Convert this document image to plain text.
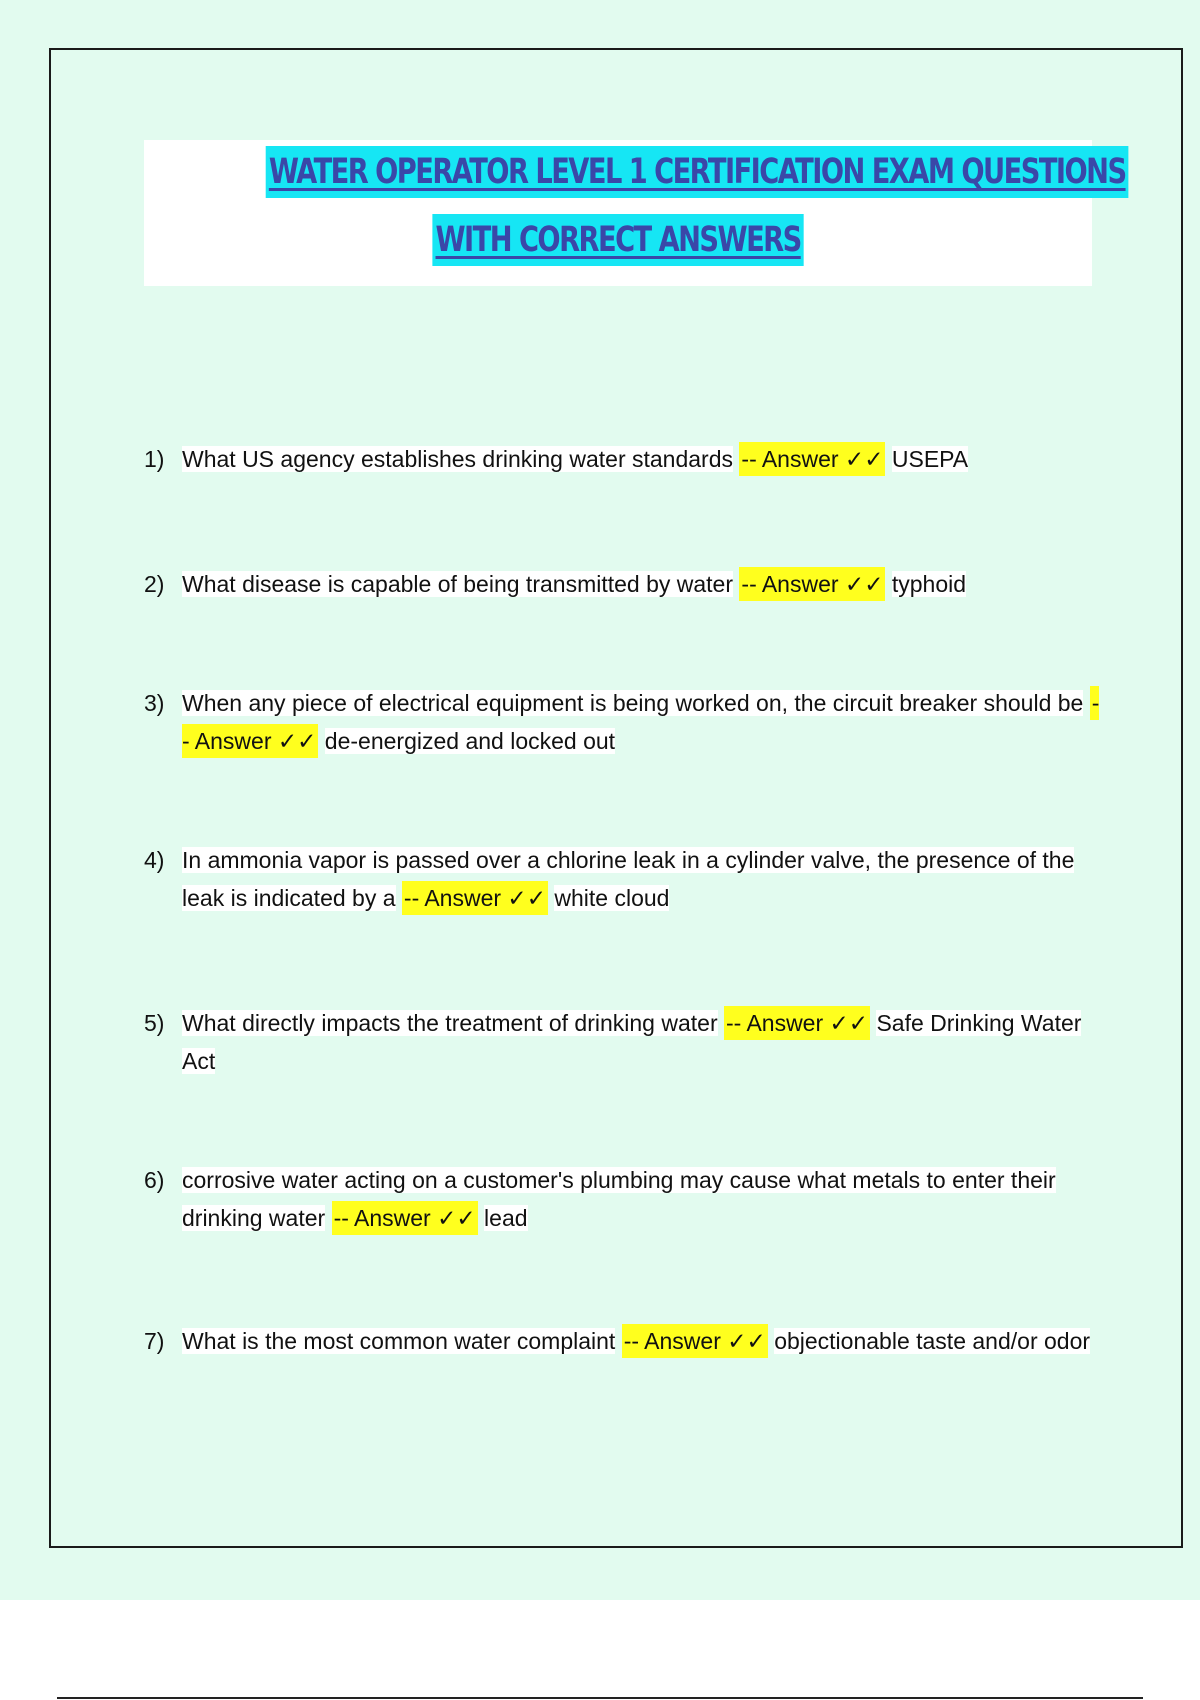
WATER OPERATOR LEVEL 1 CERTIFICATION EXAM QUESTIONS
WITH CORRECT ANSWERS
1) What US agency establishes drinking water standards -- Answer ✓✓ USEPA
2) What disease is capable of being transmitted by water -- Answer ✓✓ typhoid
3) When any piece of electrical equipment is being worked on, the circuit breaker should be -- Answer ✓✓ de-energized and locked out
4) In ammonia vapor is passed over a chlorine leak in a cylinder valve, the presence of the leak is indicated by a -- Answer ✓✓ white cloud
5) What directly impacts the treatment of drinking water -- Answer ✓✓ Safe Drinking Water Act
6) corrosive water acting on a customer's plumbing may cause what metals to enter their drinking water -- Answer ✓✓ lead
7) What is the most common water complaint -- Answer ✓✓ objectionable taste and/or odor
